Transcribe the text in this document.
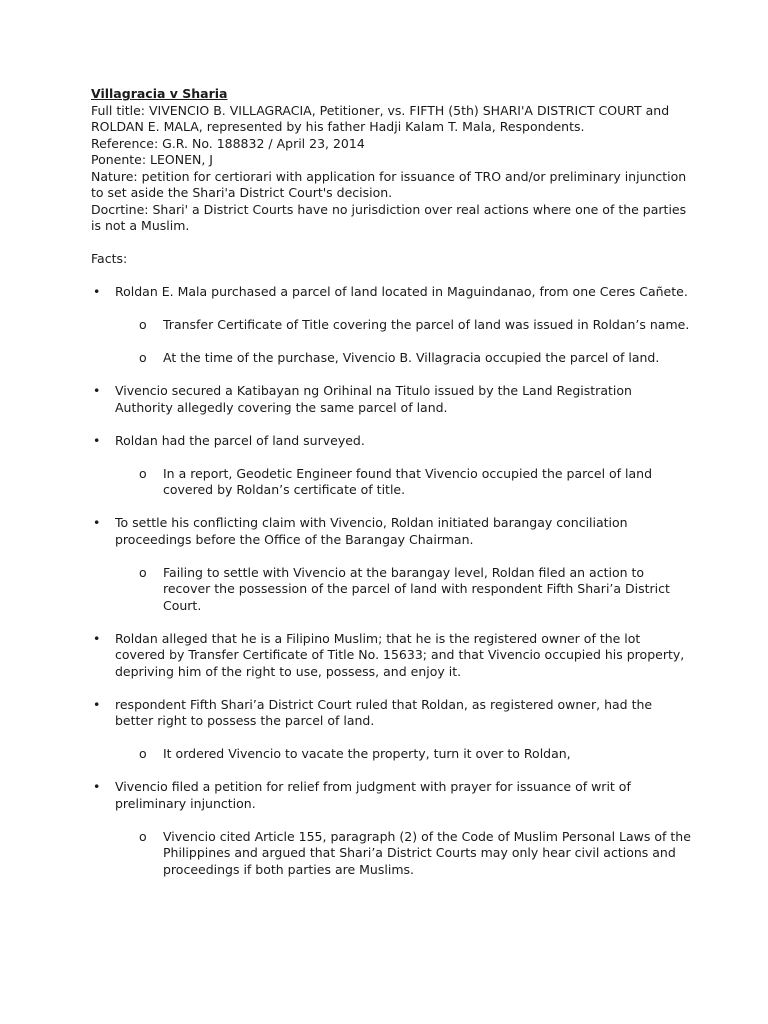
Villagracia v Sharia

Full title: VIVENCIO B. VILLAGRACIA, Petitioner, vs. FIFTH (5th) SHARI'A DISTRICT COURT and ROLDAN E. MALA, represented by his father Hadji Kalam T. Mala, Respondents.

Reference: G.R. No. 188832 / April 23, 2014

Ponente: LEONEN, J

Nature: petition for certiorari with application for issuance of TRO and/or preliminary injunction to set aside the Shari'a District Court's decision.

Docrtine: Shari' a District Courts have no jurisdiction over real actions where one of the parties is not a Muslim.

Facts:

• Roldan E. Mala purchased a parcel of land located in Maguindanao, from one Ceres Cañete.
o Transfer Certificate of Title covering the parcel of land was issued in Roldan’s name.
o At the time of the purchase, Vivencio B. Villagracia occupied the parcel of land.
• Vivencio secured a Katibayan ng Orihinal na Titulo issued by the Land Registration Authority allegedly covering the same parcel of land.
• Roldan had the parcel of land surveyed.
o In a report, Geodetic Engineer found that Vivencio occupied the parcel of land covered by Roldan’s certificate of title.
• To settle his conflicting claim with Vivencio, Roldan initiated barangay conciliation proceedings before the Office of the Barangay Chairman.
o Failing to settle with Vivencio at the barangay level, Roldan filed an action to recover the possession of the parcel of land with respondent Fifth Shari’a District Court.
• Roldan alleged that he is a Filipino Muslim; that he is the registered owner of the lot covered by Transfer Certificate of Title No. 15633; and that Vivencio occupied his property, depriving him of the right to use, possess, and enjoy it.
• respondent Fifth Shari’a District Court ruled that Roldan, as registered owner, had the better right to possess the parcel of land.
o It ordered Vivencio to vacate the property, turn it over to Roldan,
• Vivencio filed a petition for relief from judgment with prayer for issuance of writ of preliminary injunction.
o Vivencio cited Article 155, paragraph (2) of the Code of Muslim Personal Laws of the Philippines and argued that Shari’a District Courts may only hear civil actions and proceedings if both parties are Muslims.
